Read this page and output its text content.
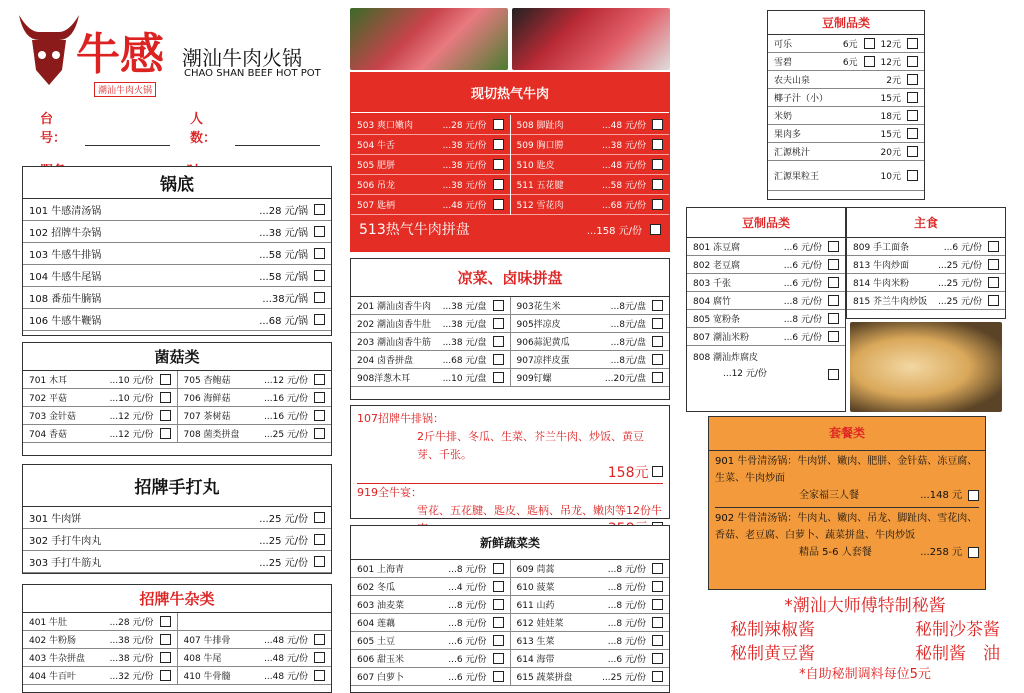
牛感
潮汕牛肉火锅
潮汕牛肉火锅
CHAO SHAN BEEF HOT POT
台号：
人数：
锅底
101 牛感清汤锅	...28 元/锅
102 招牌牛杂锅	...38 元/锅
103 牛感牛排锅	...58 元/锅
104 牛感牛尾锅	...58 元/锅
108 番茄牛腩锅	...38元/锅
106 牛感牛鞭锅	...68 元/锅
菌菇类
701 木耳	...10 元/份
702 平菇	...10 元/份
703 金针菇	...12 元/份
704 香菇	...12 元/份
705 杏鲍菇	...12 元/份
706 海鲜菇	...16 元/份
707 茶树菇	...16 元/份
708 菌类拼盘	...25 元/份
招牌手打丸
301 牛肉饼	...25 元/份
302 手打牛肉丸	...25 元/份
303 手打牛筋丸	...25 元/份
招牌牛杂类
401 牛肚	...28 元/份
402 牛粉肠	...38 元/份
403 牛杂拼盘	...38 元/份
404 牛百叶	...32 元/份
407 牛排骨	...48 元/份
408 牛尾	...48 元/份
410 牛骨髓	...48 元/份
现切热气牛肉
503 爽口嫩肉	...28 元/份
504 牛舌	...38 元/份
505 肥胼	...38 元/份
506 吊龙	...38 元/份
507 匙柄	...48 元/份
508 脚趾肉	...48 元/份
509 胸口朥	...38 元/份
510 匙皮	...48 元/份
511 五花腱	...58 元/份
512 雪花肉	...68 元/份
513热气牛肉拼盘	...158 元/份
凉菜、卤味拼盘
201 潮汕卤香牛肉	...38 元/盘
202 潮汕卤香牛肚	...38 元/盘
203 潮汕卤香牛筋	...38 元/盘
204 卤香拼盘	...68 元/盘
908洋葱木耳	...10 元/盘
903花生米	...8元/盘
905拌凉皮	...8元/盘
906蒜泥黄瓜	...8元/盘
907凉拌皮蛋	...8元/盘
909钉螺	...20元/盘
107招牌牛排锅：
2斤牛排、冬瓜、生菜、芥兰牛肉、炒饭、黄豆芽、千张。
158元
919全牛宴：
雪花、五花腱、匙皮、匙柄、吊龙、嫩肉等12份牛
新鲜蔬菜类
601 上海青	...8 元/份
602 冬瓜	...4 元/份
603 油麦菜	...8 元/份
604 莲藕	...8 元/份
605 土豆	...6 元/份
606 甜玉米	...6 元/份
607 白萝卜	...6 元/份
609 茼蒿	...8 元/份
610 菠菜	...8 元/份
611 山药	...8 元/份
612 娃娃菜	...8 元/份
613 生菜	...8 元/份
614 海带	...6 元/份
615 蔬菜拼盘	...25 元/份
豆制品类
可乐	6元	12元
雪碧	6元	12元
农夫山泉	2元
椰子汁（小）	15元
米奶	18元
果肉多	15元
汇源桃汁	20元
汇源果粒王	10元
豆制品类
801 冻豆腐	...6 元/份
802 老豆腐	...6 元/份
803 千张	...6 元/份
804 腐竹	...8 元/份
805 宽粉条	...8 元/份
807 潮汕米粉	...6 元/份
808 潮汕炸腐皮
...12 元/份
主食
809 手工面条	...6 元/份
813 牛肉炒面	...25 元/份
814 牛肉米粉	...25 元/份
815 芥兰牛肉炒饭	...25 元/份
套餐类
901 牛骨清汤锅：牛肉饼、嫩肉、肥胼、金针菇、冻豆腐、生菜、牛肉炒面
全家福三人餐	...148 元
902 牛骨清汤锅：牛肉丸、嫩肉、吊龙、脚趾肉、雪花肉、香菇、老豆腐、白萝卜、蔬菜拼盘、牛肉炒饭
精品 5-6 人套餐	...258 元
*潮汕大师傅特制秘酱
秘制辣椒酱	秘制沙茶酱
秘制黄豆酱	秘制酱　油
*自助秘制调料每位5元
